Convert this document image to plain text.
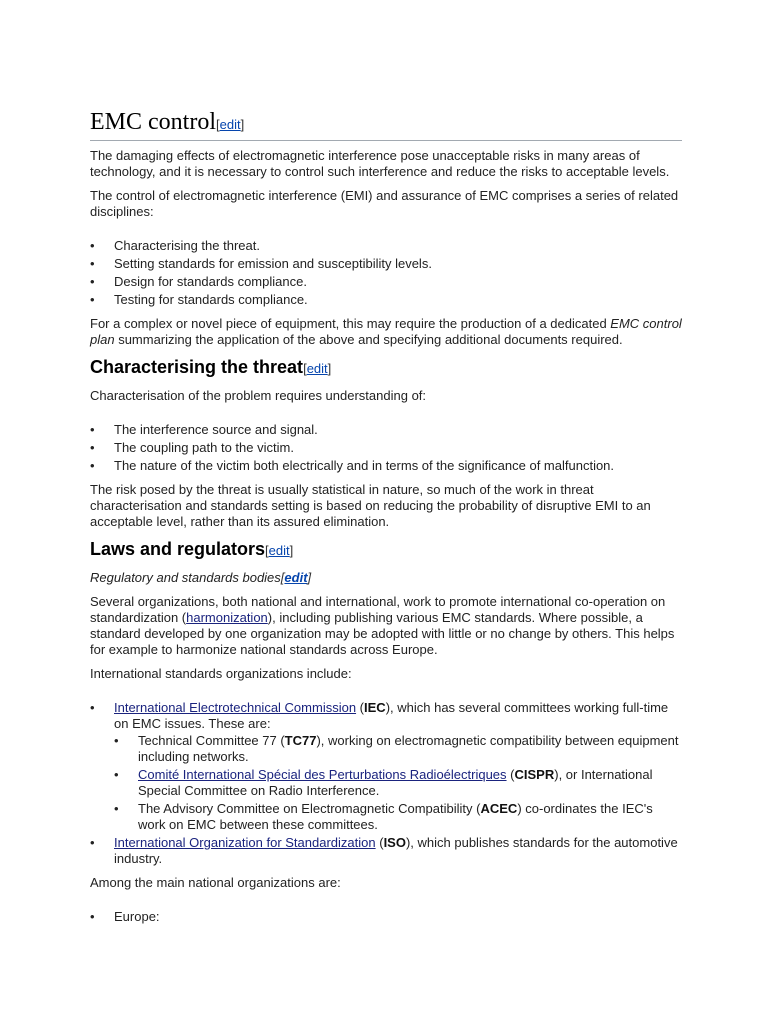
EMC control[edit]

The damaging effects of electromagnetic interference pose unacceptable risks in many areas of technology, and it is necessary to control such interference and reduce the risks to acceptable levels.

The control of electromagnetic interference (EMI) and assurance of EMC comprises a series of related disciplines:

• Characterising the threat.
• Setting standards for emission and susceptibility levels.
• Design for standards compliance.
• Testing for standards compliance.

For a complex or novel piece of equipment, this may require the production of a dedicated EMC control plan summarizing the application of the above and specifying additional documents required.

Characterising the threat[edit]

Characterisation of the problem requires understanding of:

• The interference source and signal.
• The coupling path to the victim.
• The nature of the victim both electrically and in terms of the significance of malfunction.

The risk posed by the threat is usually statistical in nature, so much of the work in threat characterisation and standards setting is based on reducing the probability of disruptive EMI to an acceptable level, rather than its assured elimination.

Laws and regulators[edit]
Regulatory and standards bodies[edit]

Several organizations, both national and international, work to promote international co-operation on standardization (harmonization), including publishing various EMC standards. Where possible, a standard developed by one organization may be adopted with little or no change by others. This helps for example to harmonize national standards across Europe.

International standards organizations include:

• International Electrotechnical Commission (IEC), which has several committees working full-time on EMC issues. These are:
• Technical Committee 77 (TC77), working on electromagnetic compatibility between equipment including networks.
• Comité International Spécial des Perturbations Radioélectriques (CISPR), or International Special Committee on Radio Interference.
• The Advisory Committee on Electromagnetic Compatibility (ACEC) co-ordinates the IEC's work on EMC between these committees.
• International Organization for Standardization (ISO), which publishes standards for the automotive industry.

Among the main national organizations are:

• Europe:
